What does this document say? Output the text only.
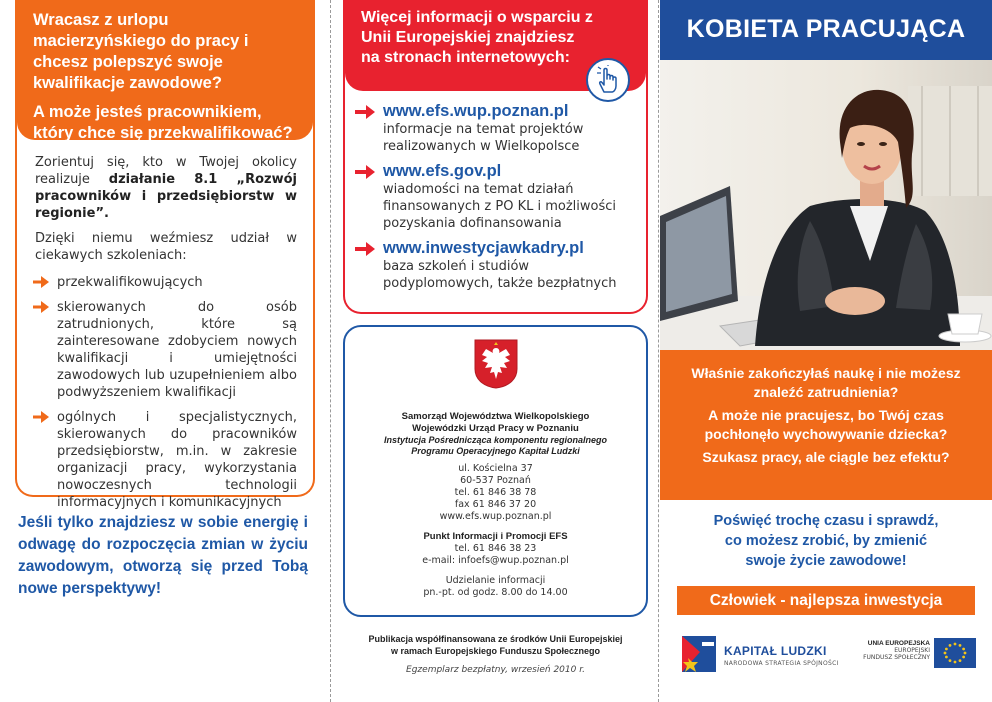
Wracasz z urlopu macierzyńskiego do pracy i chcesz polepszyć swoje kwalifikacje zawodowe?

A może jesteś pracownikiem, który chce się przekwalifikować?

Zorientuj się, kto w Twojej okolicy realizuje działanie 8.1 „Rozwój pracowników i przedsiębiorstw w regionie”.

Dzięki niemu weźmiesz udział w ciekawych szkoleniach:

przekwalifikowujących
skierowanych do osób zatrudnionych, które są zainteresowane zdobyciem nowych kwalifikacji i umiejętności zawodowych lub uzupełnieniem albo podwyższeniem kwalifikacji
ogólnych i specjalistycznych, skierowanych do pracowników przedsiębiorstw, m.in. w zakresie organizacji pracy, wykorzystania nowoczesnych technologii informacyjnych i komunikacyjnych

Jeśli tylko znajdziesz w sobie energię i odwagę do rozpoczęcia zmian w życiu zawodowym, otworzą się przed Tobą nowe perspektywy!

Więcej informacji o wsparciu z Unii Europejskiej znajdziesz na stronach internetowych:

www.efs.wup.poznan.pl

informacje na temat projektów realizowanych w Wielkopolsce

www.efs.gov.pl

wiadomości na temat działań finansowanych z PO KL i możliwości pozyskania dofinansowania

www.inwestycjawkadry.pl

baza szkoleń i studiów podyplomowych, także bezpłatnych

Samorząd Województwa Wielkopolskiego

Wojewódzki Urząd Pracy w Poznaniu

Instytucja Pośrednicząca komponentu regionalnego

Programu Operacyjnego Kapitał Ludzki

ul. Kościelna 37

60-537 Poznań

tel. 61 846 38 78

fax 61 846 37 20

www.efs.wup.poznan.pl

Punkt Informacji i Promocji EFS

tel. 61 846 38 23

e-mail: infoefs@wup.poznan.pl

Udzielanie informacji

pn.-pt. od godz. 8.00 do 14.00

Publikacja współfinansowana ze środków Unii Europejskiej

w ramach Europejskiego Funduszu Społecznego

Egzemplarz bezpłatny, wrzesień 2010 r.

KOBIETA PRACUJĄCA

Właśnie zakończyłaś naukę i nie możesz znaleźć zatrudnienia?

A może nie pracujesz, bo Twój czas pochłonęło wychowywanie dziecka?

Szukasz pracy, ale ciągle bez efektu?

Poświęć trochę czasu i sprawdź, co możesz zrobić, by zmienić swoje życie zawodowe!

Człowiek - najlepsza inwestycja

KAPITAŁ LUDZKI

NARODOWA STRATEGIA SPÓJNOŚCI

UNIA EUROPEJSKA

EUROPEJSKI

FUNDUSZ SPOŁECZNY
